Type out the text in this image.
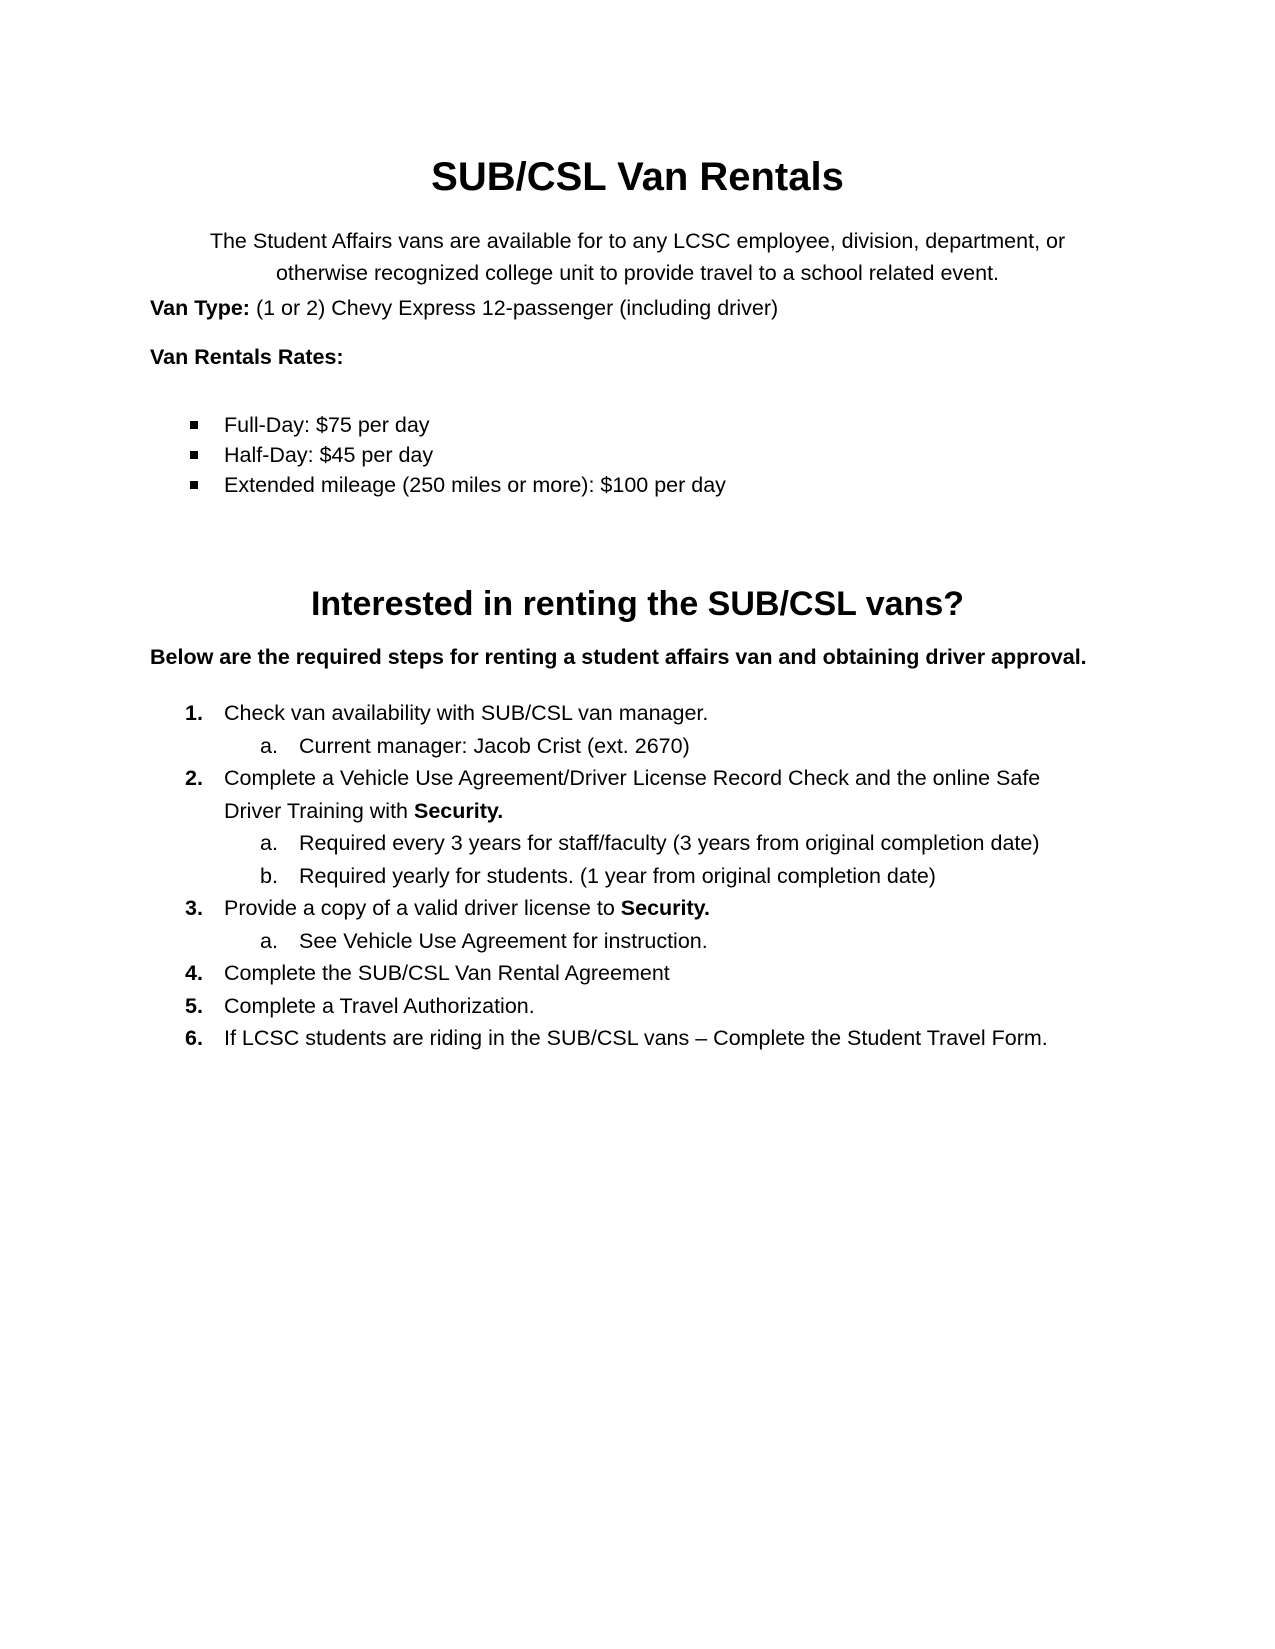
SUB/CSL Van Rentals

The Student Affairs vans are available for to any LCSC employee, division, department, or
otherwise recognized college unit to provide travel to a school related event.

Van Type: (1 or 2) Chevy Express 12-passenger (including driver)

Van Rentals Rates:

Full-Day: $75 per day
Half-Day: $45 per day
Extended mileage (250 miles or more): $100 per day
Interested in renting the SUB/CSL vans?

Below are the required steps for renting a student affairs van and obtaining driver approval.

1. Check van availability with SUB/CSL van manager.
a. Current manager: Jacob Crist (ext. 2670)
2. Complete a Vehicle Use Agreement/Driver License Record Check and the online Safe
Driver Training with Security.
a. Required every 3 years for staff/faculty (3 years from original completion date)
b. Required yearly for students. (1 year from original completion date)
3. Provide a copy of a valid driver license to Security.
a. See Vehicle Use Agreement for instruction.
4. Complete the SUB/CSL Van Rental Agreement
5. Complete a Travel Authorization.
6. If LCSC students are riding in the SUB/CSL vans – Complete the Student Travel Form.
